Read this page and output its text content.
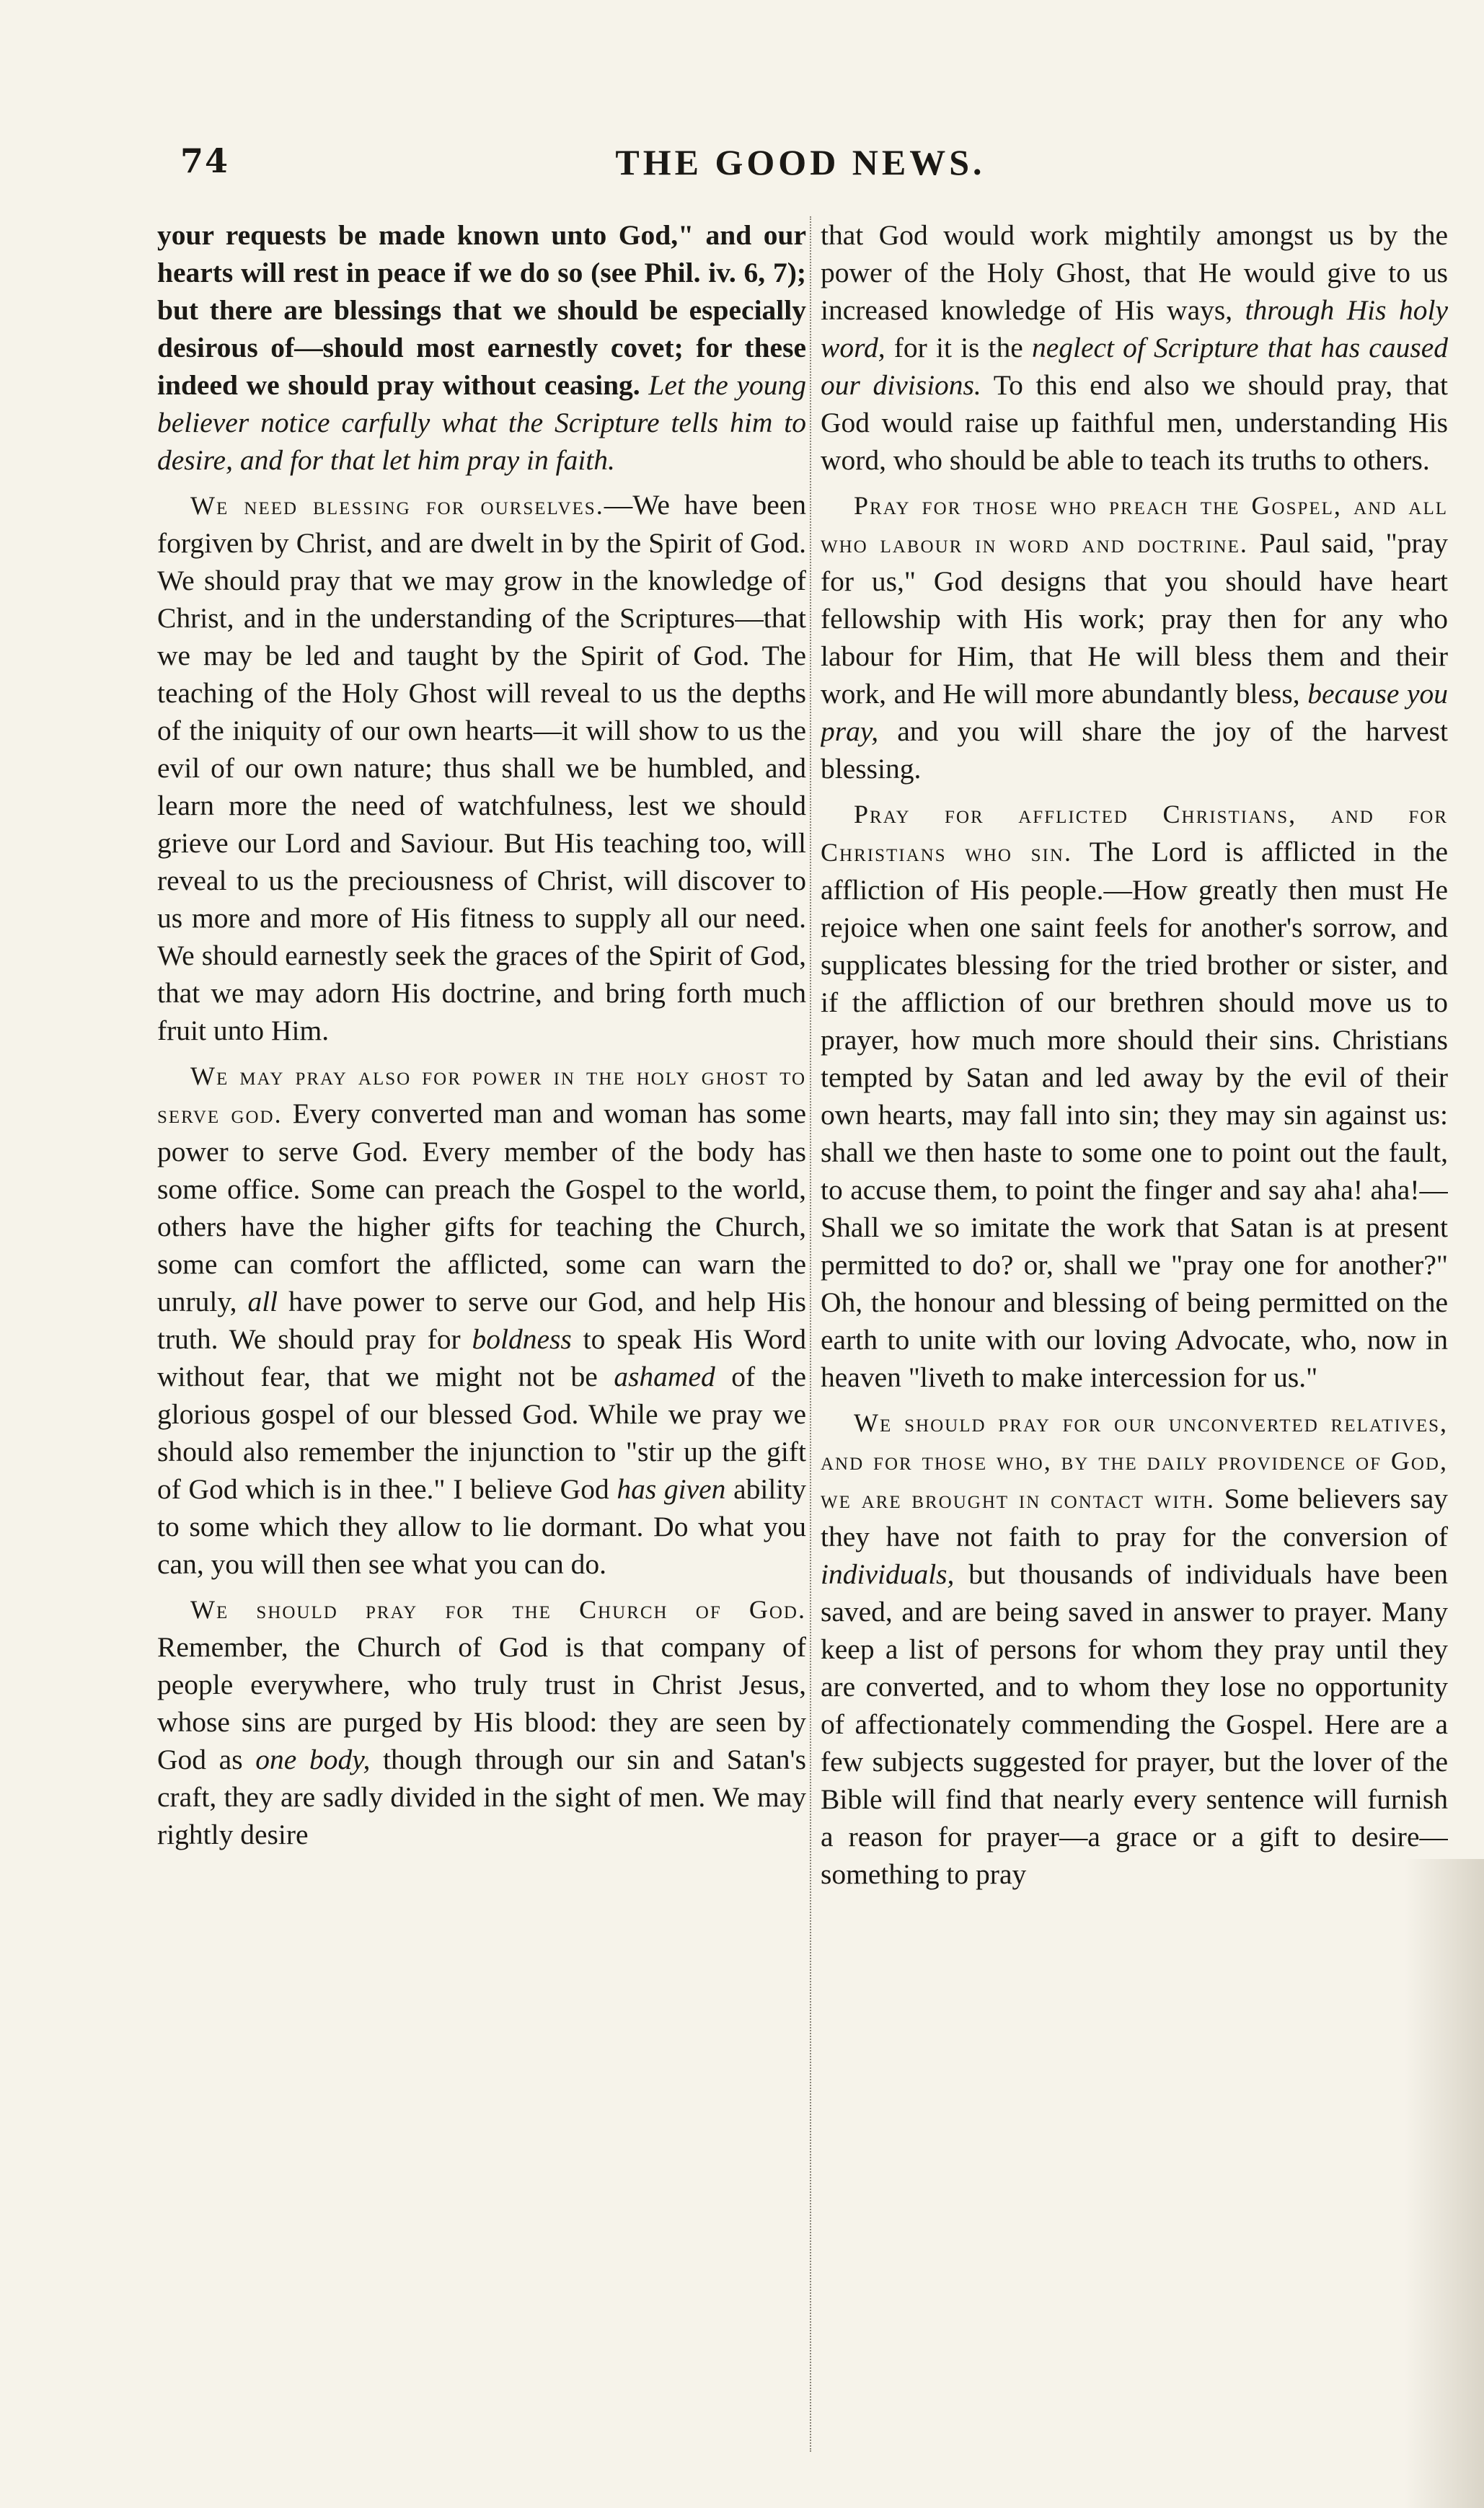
74	THE GOOD NEWS.

your requests be made known unto God," and our hearts will rest in peace if we do so (see Phil. iv. 6, 7); but there are blessings that we should be especially desirous of—should most earnestly covet; for these indeed we should pray without ceasing. Let the young believer notice carfully what the Scripture tells him to desire, and for that let him pray in faith.

We need blessing for ourselves.—We have been forgiven by Christ, and are dwelt in by the Spirit of God. We should pray that we may grow in the knowledge of Christ, and in the understanding of the Scriptures—that we may be led and taught by the Spirit of God. The teaching of the Holy Ghost will reveal to us the depths of the iniquity of our own hearts—it will show to us the evil of our own nature; thus shall we be humbled, and learn more the need of watchfulness, lest we should grieve our Lord and Saviour. But His teaching too, will reveal to us the preciousness of Christ, will discover to us more and more of His fitness to supply all our need. We should earnestly seek the graces of the Spirit of God, that we may adorn His doctrine, and bring forth much fruit unto Him.

We may pray also for power in the holy ghost to serve god. Every converted man and woman has some power to serve God. Every member of the body has some office. Some can preach the Gospel to the world, others have the higher gifts for teaching the Church, some can comfort the afflicted, some can warn the unruly, all have power to serve our God, and help His truth. We should pray for boldness to speak His Word without fear, that we might not be ashamed of the glorious gospel of our blessed God. While we pray we should also remember the injunction to "stir up the gift of God which is in thee." I believe God has given ability to some which they allow to lie dormant. Do what you can, you will then see what you can do.

We should pray for the Church of God. Remember, the Church of God is that company of people everywhere, who truly trust in Christ Jesus, whose sins are purged by His blood: they are seen by God as one body, though through our sin and Satan's craft, they are sadly divided in the sight of men. We may rightly desire

that God would work mightily amongst us by the power of the Holy Ghost, that He would give to us increased knowledge of His ways, through His holy word, for it is the neglect of Scripture that has caused our divisions. To this end also we should pray, that God would raise up faithful men, understanding His word, who should be able to teach its truths to others.

Pray for those who preach the Gospel, and all who labour in word and doctrine. Paul said, "pray for us," God designs that you should have heart fellowship with His work; pray then for any who labour for Him, that He will bless them and their work, and He will more abundantly bless, because you pray, and you will share the joy of the harvest blessing.

Pray for afflicted Christians, and for Christians who sin. The Lord is afflicted in the affliction of His people.—How greatly then must He rejoice when one saint feels for another's sorrow, and supplicates blessing for the tried brother or sister, and if the affliction of our brethren should move us to prayer, how much more should their sins. Christians tempted by Satan and led away by the evil of their own hearts, may fall into sin; they may sin against us: shall we then haste to some one to point out the fault, to accuse them, to point the finger and say aha! aha!—Shall we so imitate the work that Satan is at present permitted to do? or, shall we "pray one for another?" Oh, the honour and blessing of being permitted on the earth to unite with our loving Advocate, who, now in heaven "liveth to make intercession for us."

We should pray for our unconverted relatives, and for those who, by the daily providence of God, we are brought in contact with. Some believers say they have not faith to pray for the conversion of individuals, but thousands of individuals have been saved, and are being saved in answer to prayer. Many keep a list of persons for whom they pray until they are converted, and to whom they lose no opportunity of affectionately commending the Gospel. Here are a few subjects suggested for prayer, but the lover of the Bible will find that nearly every sentence will furnish a reason for prayer—a grace or a gift to desire—something to pray
